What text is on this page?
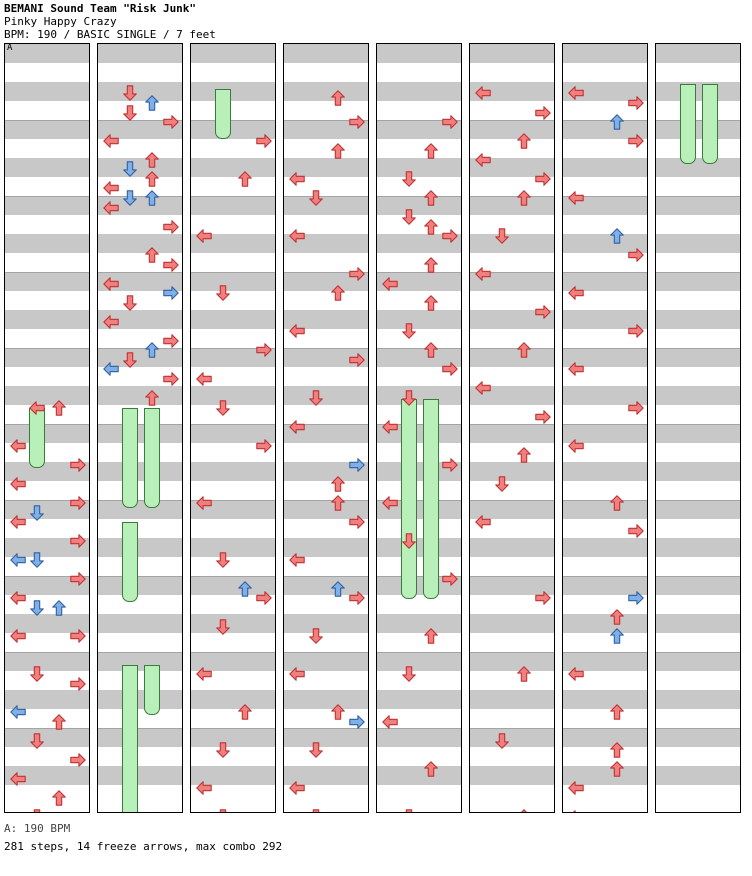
BEMANI Sound Team "Risk Junk"
Pinky Happy Crazy
BPM: 190 / BASIC SINGLE / 7 feet
A
A: 190 BPM
281 steps, 14 freeze arrows, max combo 292
